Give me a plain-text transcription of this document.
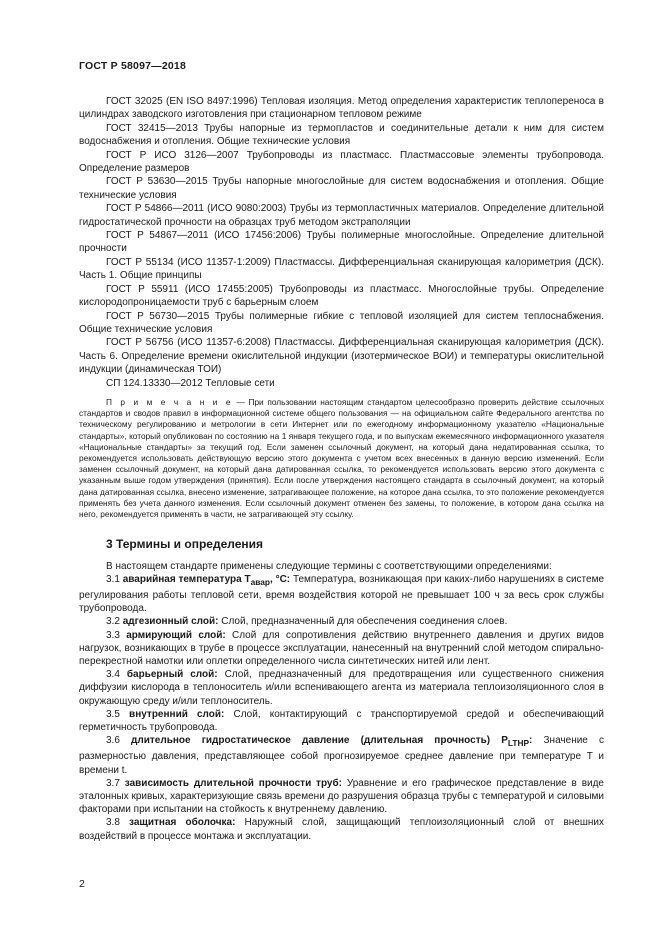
ГОСТ Р 58097—2018

ГОСТ 32025 (EN ISO 8497:1996) Тепловая изоляция. Метод определения характеристик теплопереноса в цилиндрах заводского изготовления при стационарном тепловом режиме

ГОСТ 32415—2013 Трубы напорные из термопластов и соединительные детали к ним для систем водоснабжения и отопления. Общие технические условия

ГОСТ Р ИСО 3126—2007 Трубопроводы из пластмасс. Пластмассовые элементы трубопровода. Определение размеров

ГОСТ Р 53630—2015 Трубы напорные многослойные для систем водоснабжения и отопления. Общие технические условия

ГОСТ Р 54866—2011 (ИСО 9080:2003) Трубы из термопластичных материалов. Определение длительной гидростатической прочности на образцах труб методом экстраполяции

ГОСТ Р 54867—2011 (ИСО 17456:2006) Трубы полимерные многослойные. Определение длительной прочности

ГОСТ Р 55134 (ИСО 11357-1:2009) Пластмассы. Дифференциальная сканирующая калориметрия (ДСК). Часть 1. Общие принципы

ГОСТ Р 55911 (ИСО 17455:2005) Трубопроводы из пластмасс. Многослойные трубы. Определение кислородопроницаемости труб с барьерным слоем

ГОСТ Р 56730—2015 Трубы полимерные гибкие с тепловой изоляцией для систем теплоснабжения. Общие технические условия

ГОСТ Р 56756 (ИСО 11357-6:2008) Пластмассы. Дифференциальная сканирующая калориметрия (ДСК). Часть 6. Определение времени окислительной индукции (изотермическое ВОИ) и температуры окислительной индукции (динамическая ТОИ)

СП 124.13330—2012 Тепловые сети

П р и м е ч а н и е — При пользовании настоящим стандартом целесообразно проверить действие ссылочных стандартов и сводов правил в информационной системе общего пользования — на официальном сайте Федерального агентства по техническому регулированию и метрологии в сети Интернет или по ежегодному информационному указателю «Национальные стандарты», который опубликован по состоянию на 1 января текущего года, и по выпускам ежемесячного информационного указателя «Национальные стандарты» за текущий год. Если заменен ссылочный документ, на который дана недатированная ссылка, то рекомендуется использовать действующую версию этого документа с учетом всех внесенных в данную версию изменений. Если заменен ссылочный документ, на который дана датированная ссылка, то рекомендуется использовать версию этого документа с указанным выше годом утверждения (принятия). Если после утверждения настоящего стандарта в ссылочный документ, на который дана датированная ссылка, внесено изменение, затрагивающее положение, на которое дана ссылка, то это положение рекомендуется применять без учета данного изменения. Если ссылочный документ отменен без замены, то положение, в котором дана ссылка на него, рекомендуется применять в части, не затрагивающей эту ссылку.

3 Термины и определения

В настоящем стандарте применены следующие термины с соответствующими определениями:

3.1 аварийная температура $T_{авар}$, °C: Температура, возникающая при каких-либо нарушениях в системе регулирования работы тепловой сети, время воздействия которой не превышает 100 ч за весь срок службы трубопровода.

3.2 адгезионный слой: Слой, предназначенный для обеспечения соединения слоев.

3.3 армирующий слой: Слой для сопротивления действию внутреннего давления и других видов нагрузок, возникающих в трубе в процессе эксплуатации, нанесенный на внутренний слой методом спирально-перекрестной намотки или оплетки определенного числа синтетических нитей или лент.

3.4 барьерный слой: Слой, предназначенный для предотвращения или существенного снижения диффузии кислорода в теплоноситель и/или вспенивающего агента из материала теплоизоляционного слоя в окружающую среду и/или теплоноситель.

3.5 внутренний слой: Слой, контактирующий с транспортируемой средой и обеспечивающий герметичность трубопровода.

3.6 длительное гидростатическое давление (длительная прочность) $P_{LTHP}$: Значение с размерностью давления, представляющее собой прогнозируемое среднее давление при температуре T и времени t.

3.7 зависимость длительной прочности труб: Уравнение и его графическое представление в виде эталонных кривых, характеризующие связь времени до разрушения образца трубы с температурой и силовыми факторами при испытании на стойкость к внутреннему давлению.

3.8 защитная оболочка: Наружный слой, защищающий теплоизоляционный слой от внешних воздействий в процессе монтажа и эксплуатации.

2
